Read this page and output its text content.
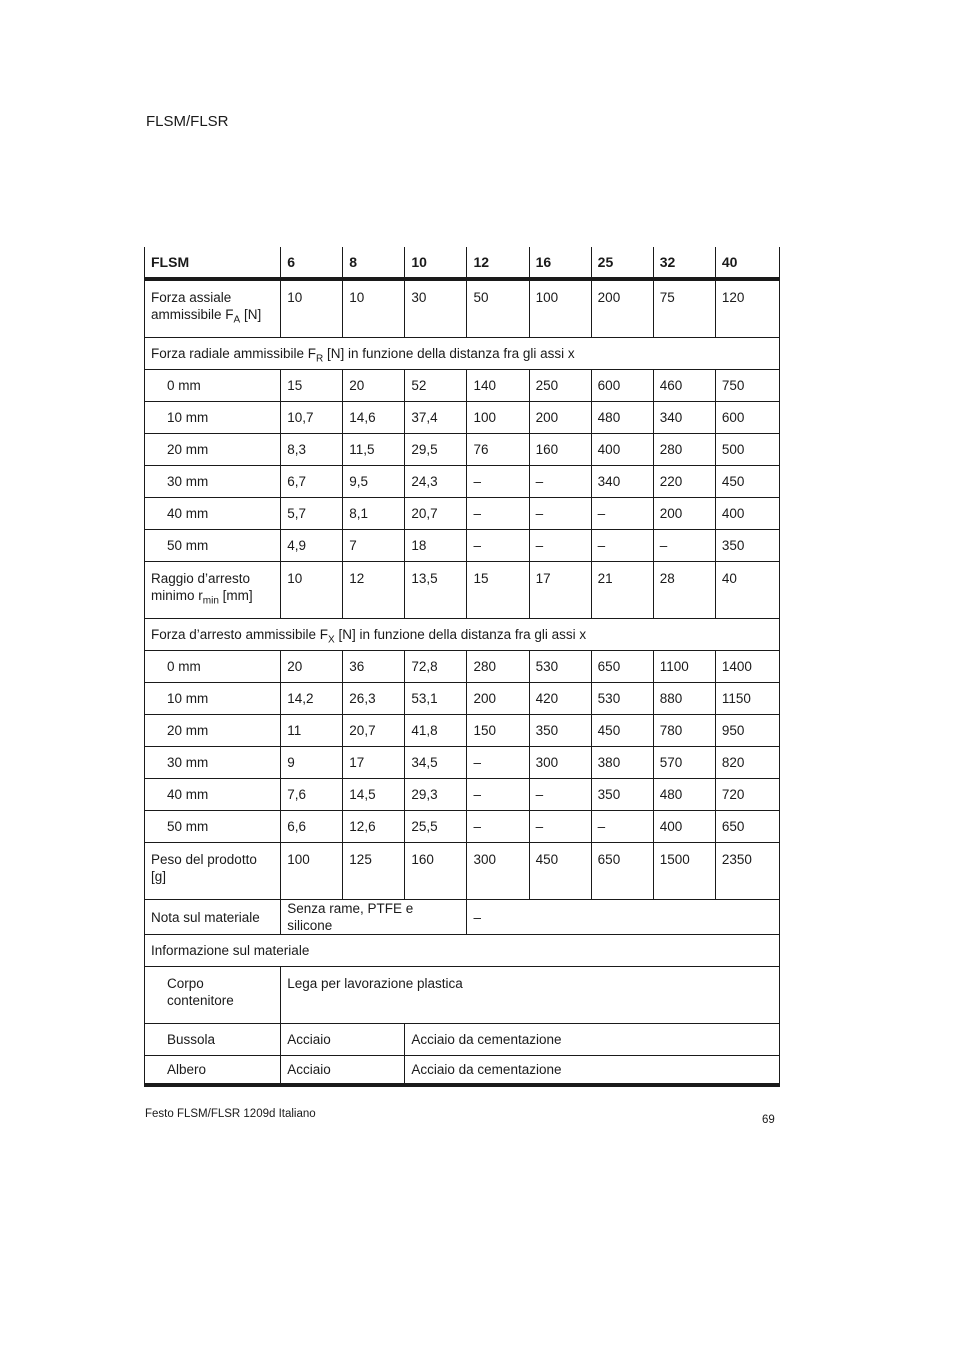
FLSM/FLSR
FLSM	6	8	10	12	16	25	32	40
Forza assiale ammissibile $F_A$ [N]	10	10	30	50	100	200	75	120
Forza radiale ammissibile $F_R$ [N] in funzione della distanza fra gli assi x								
0 mm	15	20	52	140	250	600	460	750
10 mm	10,7	14,6	37,4	100	200	480	340	600
20 mm	8,3	11,5	29,5	76	160	400	280	500
30 mm	6,7	9,5	24,3	–	–	340	220	450
40 mm	5,7	8,1	20,7	–	–	–	200	400
50 mm	4,9	7	18	–	–	–	–	350
Raggio d’arresto minimo $r_{min}$ [mm]	10	12	13,5	15	17	21	28	40
Forza d’arresto ammissibile $F_X$ [N] in funzione della distanza fra gli assi x								
0 mm	20	36	72,8	280	530	650	1100	1400
10 mm	14,2	26,3	53,1	200	420	530	880	1150
20 mm	11	20,7	41,8	150	350	450	780	950
30 mm	9	17	34,5	–	300	380	570	820
40 mm	7,6	14,5	29,3	–	–	350	480	720
50 mm	6,6	12,6	25,5	–	–	–	400	650
Peso del prodotto [g]	100	125	160	300	450	650	1500	2350
Nota sul materiale	Senza rame, PTFE e silicone			–				
Informazione sul materiale								
Corpo contenitore	Lega per lavorazione plastica							
Bussola	Acciaio		Acciaio da cementazione					
Albero	Acciaio		Acciaio da cementazione					
Festo FLSM/FLSR 1209d Italiano	69
